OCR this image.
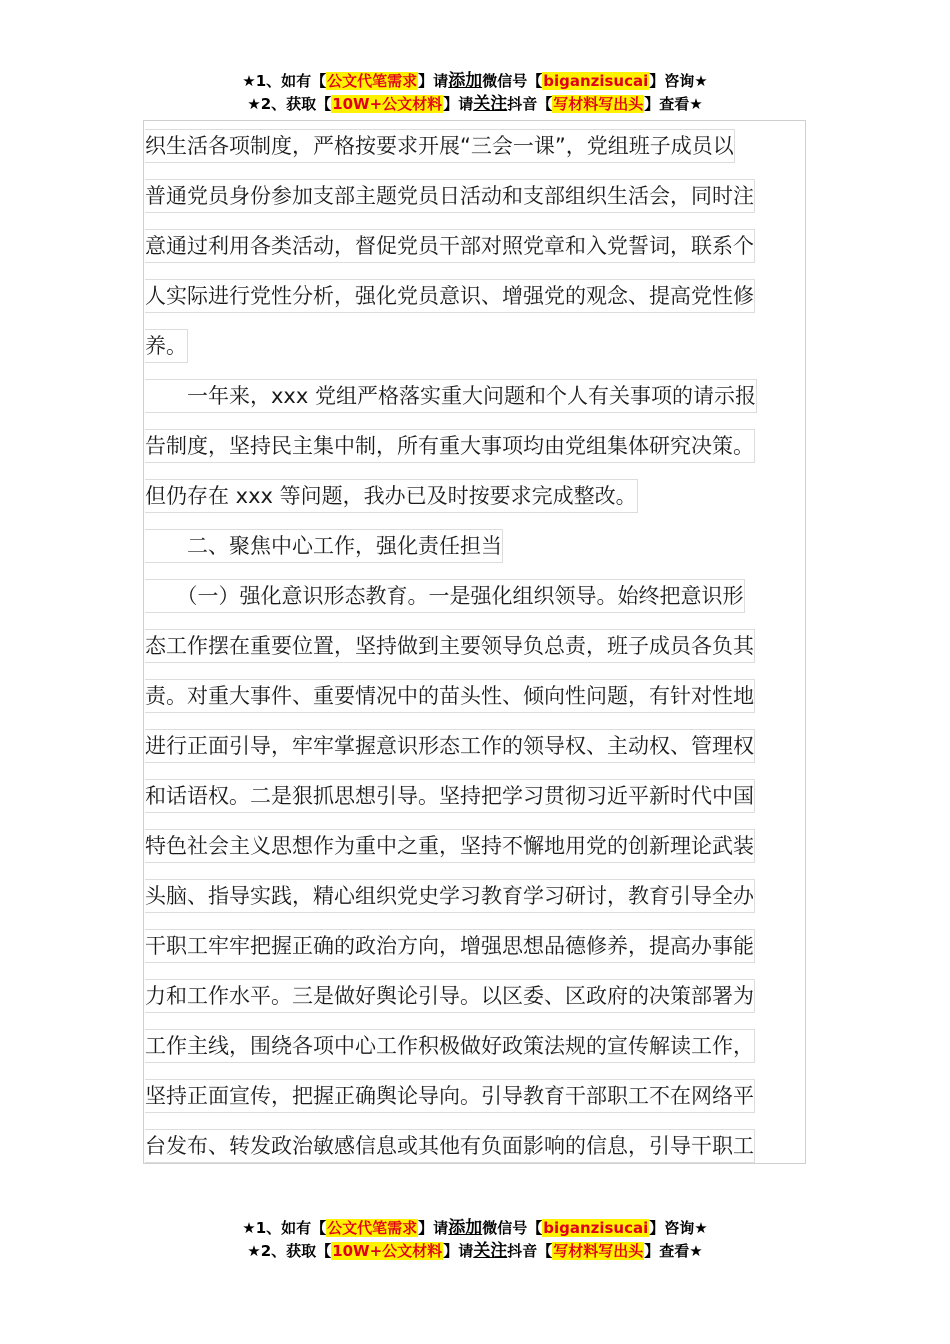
★1、如有【公文代笔需求】请添加微信号【biganzisucai】咨询★
★2、获取【10W+公文材料】请关注抖音【写材料写出头】查看★
织生活各项制度，严格按要求开展“三会一课”，党组班子成员以
普通党员身份参加支部主题党员日活动和支部组织生活会，同时注
意通过利用各类活动，督促党员干部对照党章和入党誓词，联系个
人实际进行党性分析，强化党员意识、增强党的观念、提高党性修
养。
　　一年来，xxx 党组严格落实重大问题和个人有关事项的请示报
告制度，坚持民主集中制，所有重大事项均由党组集体研究决策。
但仍存在 xxx 等问题，我办已及时按要求完成整改。
　　二、聚焦中心工作，强化责任担当
　　（一）强化意识形态教育。一是强化组织领导。始终把意识形
态工作摆在重要位置，坚持做到主要领导负总责，班子成员各负其
责。对重大事件、重要情况中的苗头性、倾向性问题，有针对性地
进行正面引导，牢牢掌握意识形态工作的领导权、主动权、管理权
和话语权。二是狠抓思想引导。坚持把学习贯彻习近平新时代中国
特色社会主义思想作为重中之重，坚持不懈地用党的创新理论武装
头脑、指导实践，精心组织党史学习教育学习研讨，教育引导全办
干职工牢牢把握正确的政治方向，增强思想品德修养，提高办事能
力和工作水平。三是做好舆论引导。以区委、区政府的决策部署为
工作主线，围绕各项中心工作积极做好政策法规的宣传解读工作，
坚持正面宣传，把握正确舆论导向。引导教育干部职工不在网络平
台发布、转发政治敏感信息或其他有负面影响的信息，引导干职工
★1、如有【公文代笔需求】请添加微信号【biganzisucai】咨询★
★2、获取【10W+公文材料】请关注抖音【写材料写出头】查看★
